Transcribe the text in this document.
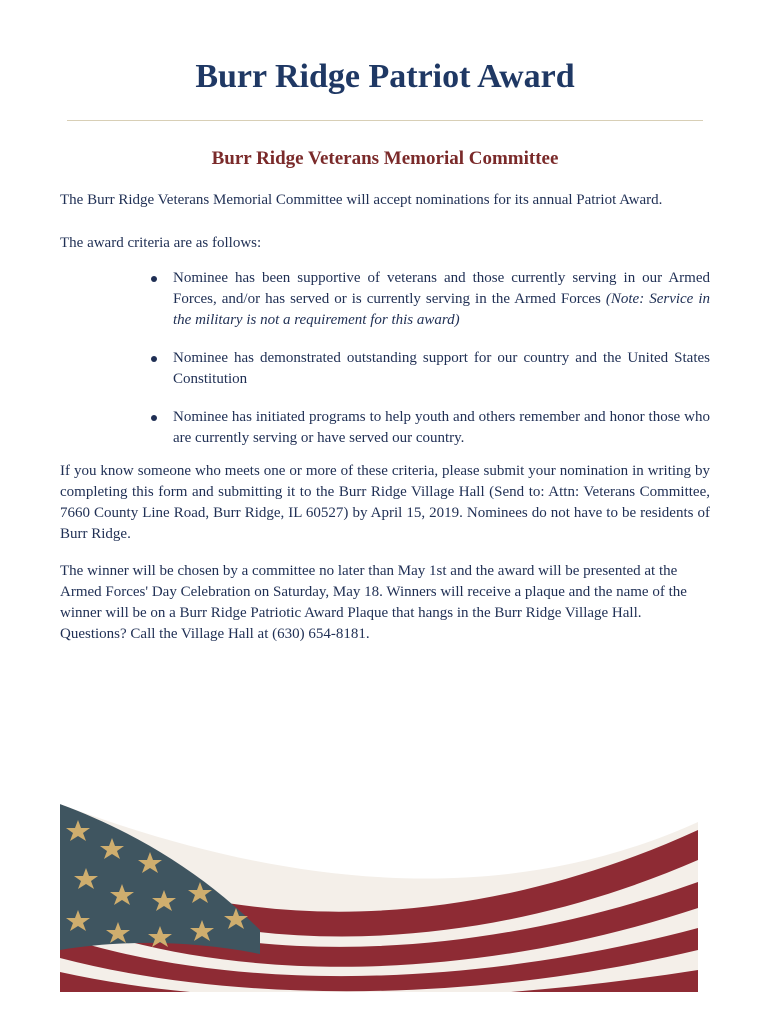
Burr Ridge Patriot Award
Burr Ridge Veterans Memorial Committee

The Burr Ridge Veterans Memorial Committee will accept nominations for its annual Patriot Award.

The award criteria are as follows:

Nominee has been supportive of veterans and those currently serving in our Armed Forces, and/or has served or is currently serving in the Armed Forces (Note: Service in the military is not a requirement for this award)
Nominee has demonstrated outstanding support for our country and the United States Constitution
Nominee has initiated programs to help youth and others remember and honor those who are currently serving or have served our country.

If you know someone who meets one or more of these criteria, please submit your nomination in writing by completing this form and submitting it to the Burr Ridge Village Hall (Send to: Attn: Veterans Committee, 7660 County Line Road, Burr Ridge, IL 60527) by April 15, 2019. Nominees do not have to be residents of Burr Ridge.

The winner will be chosen by a committee no later than May 1st and the award will be presented at the Armed Forces' Day Celebration on Saturday, May 18. Winners will receive a plaque and the name of the winner will be on a Burr Ridge Patriotic Award Plaque that hangs in the Burr Ridge Village Hall. Questions? Call the Village Hall at (630) 654-8181.
